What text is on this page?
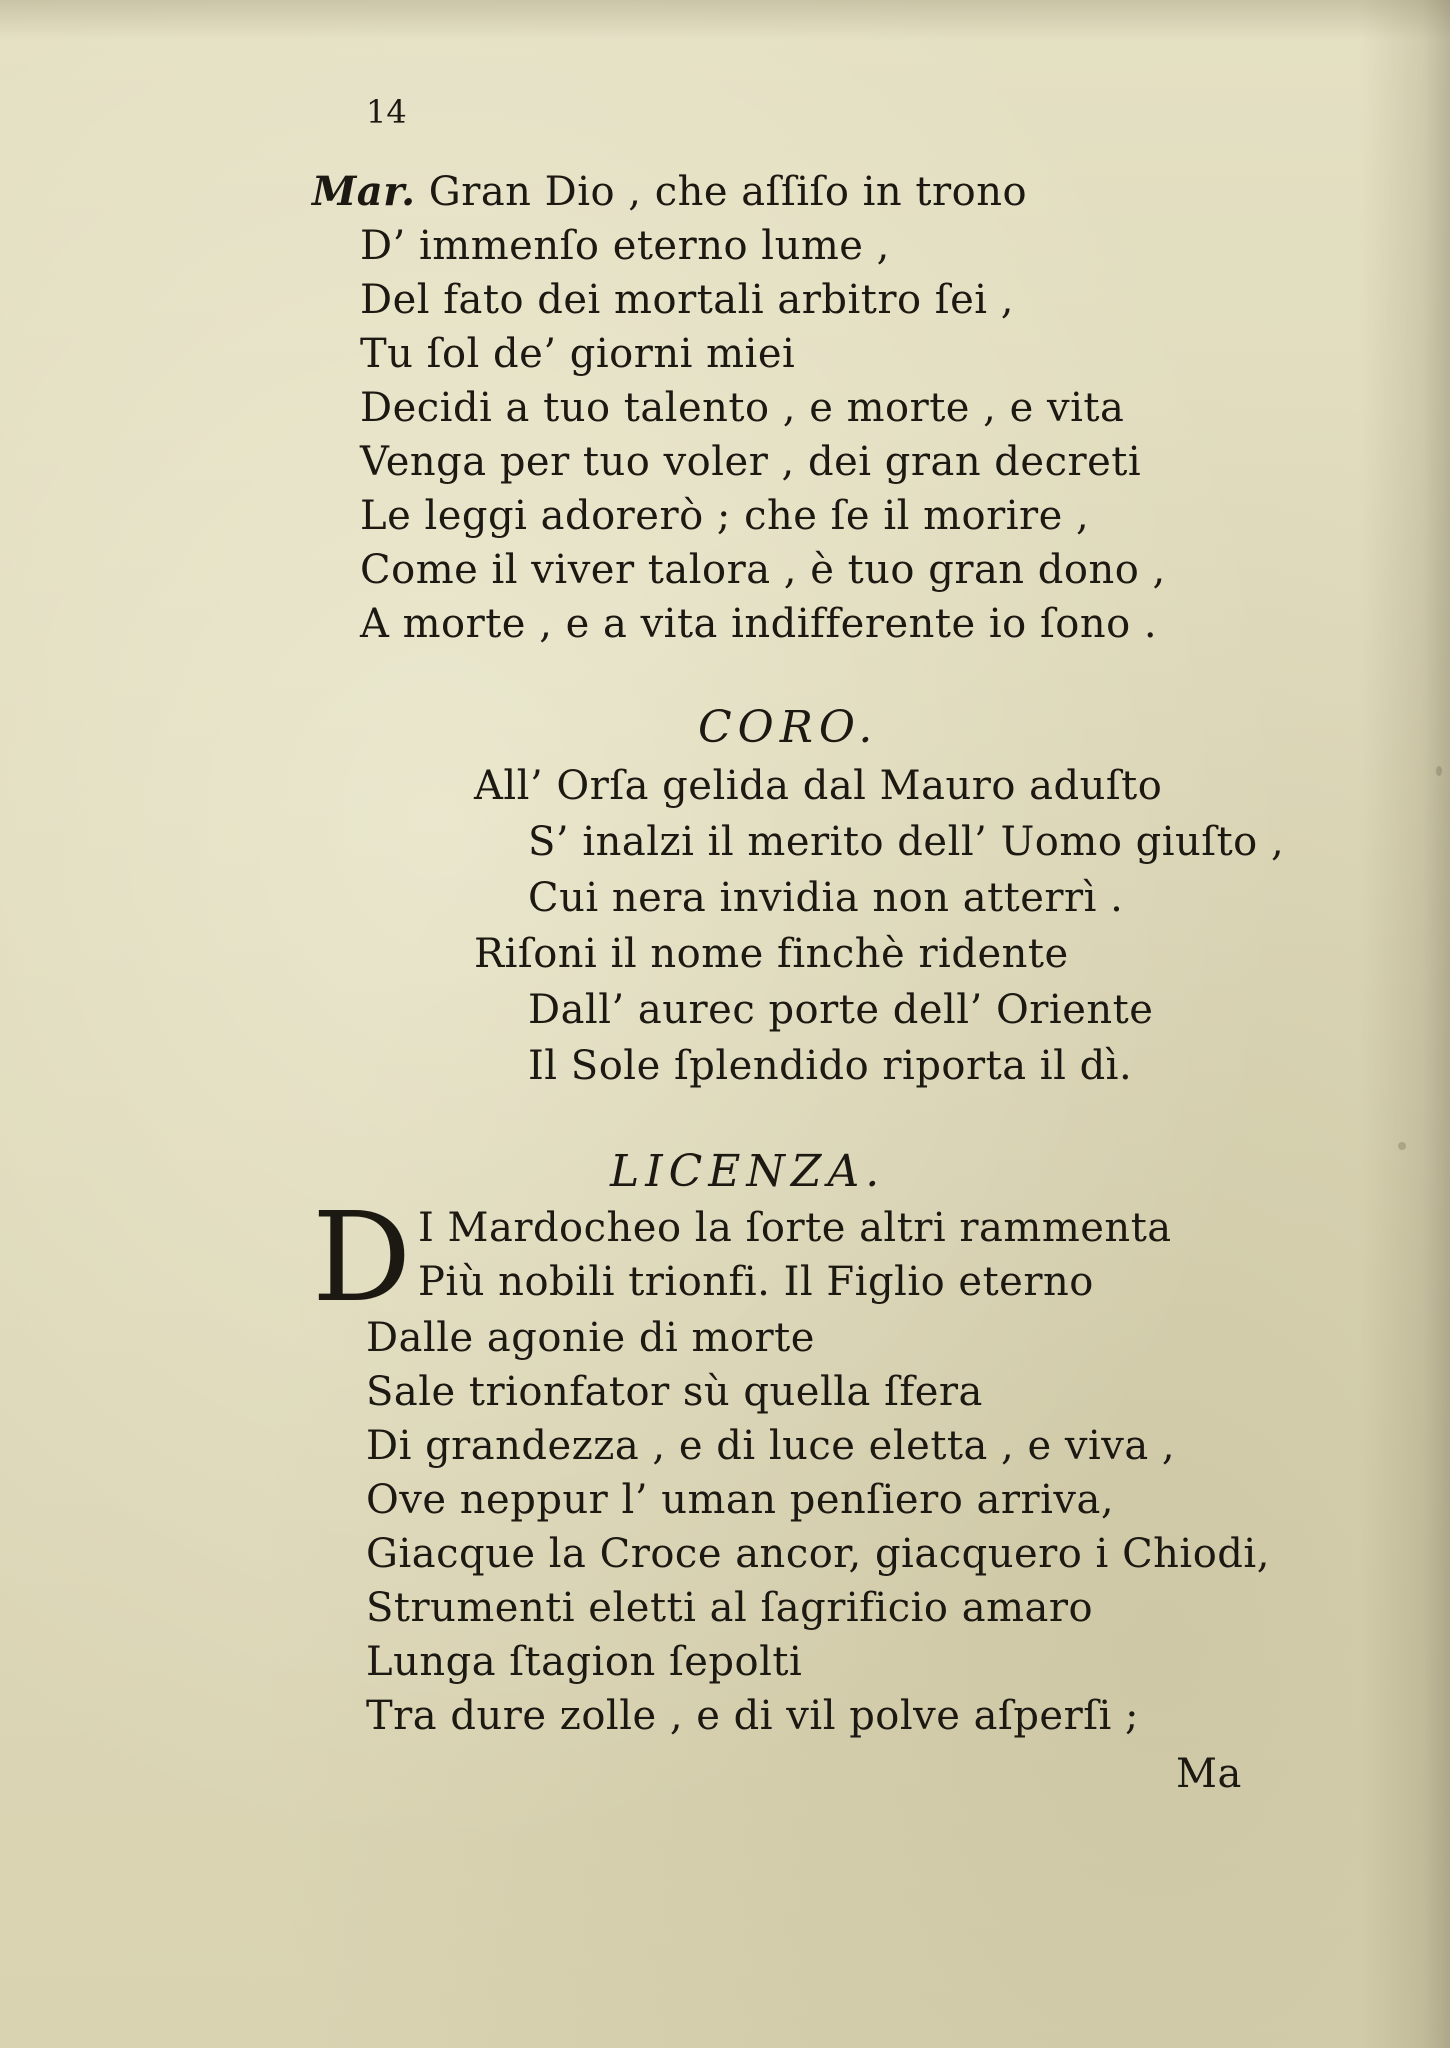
14
Mar. Gran Dio , che aſſiſo in trono
D’ immenſo eterno lume ,
Del fato dei mortali arbitro ſei ,
Tu ſol de’ giorni miei
Decidi a tuo talento , e morte , e vita
Venga per tuo voler , dei gran decreti
Le leggi adorerò ; che ſe il morire ,
Come il viver talora , è tuo gran dono ,
A morte , e a vita indifferente io ſono .
CORO.
All’ Orſa gelida dal Mauro aduſto
S’ inalzi il merito dell’ Uomo giuſto ,
Cui nera invidia non atterrì .
Riſoni il nome finchè ridente
Dall’ aurec porte dell’ Oriente
Il Sole ſplendido riporta il dì.
LICENZA.
D I Mardocheo la ſorte altri rammenta
Più nobili trionfi. Il Figlio eterno
Dalle agonie di morte
Sale trionfator sù quella ſfera
Di grandezza , e di luce eletta , e viva ,
Ove neppur l’ uman penſiero arriva,
Giacque la Croce ancor, giacquero i Chiodi,
Strumenti eletti al ſagrificio amaro
Lunga ſtagion ſepolti
Tra dure zolle , e di vil polve aſperſi ;
Ma
